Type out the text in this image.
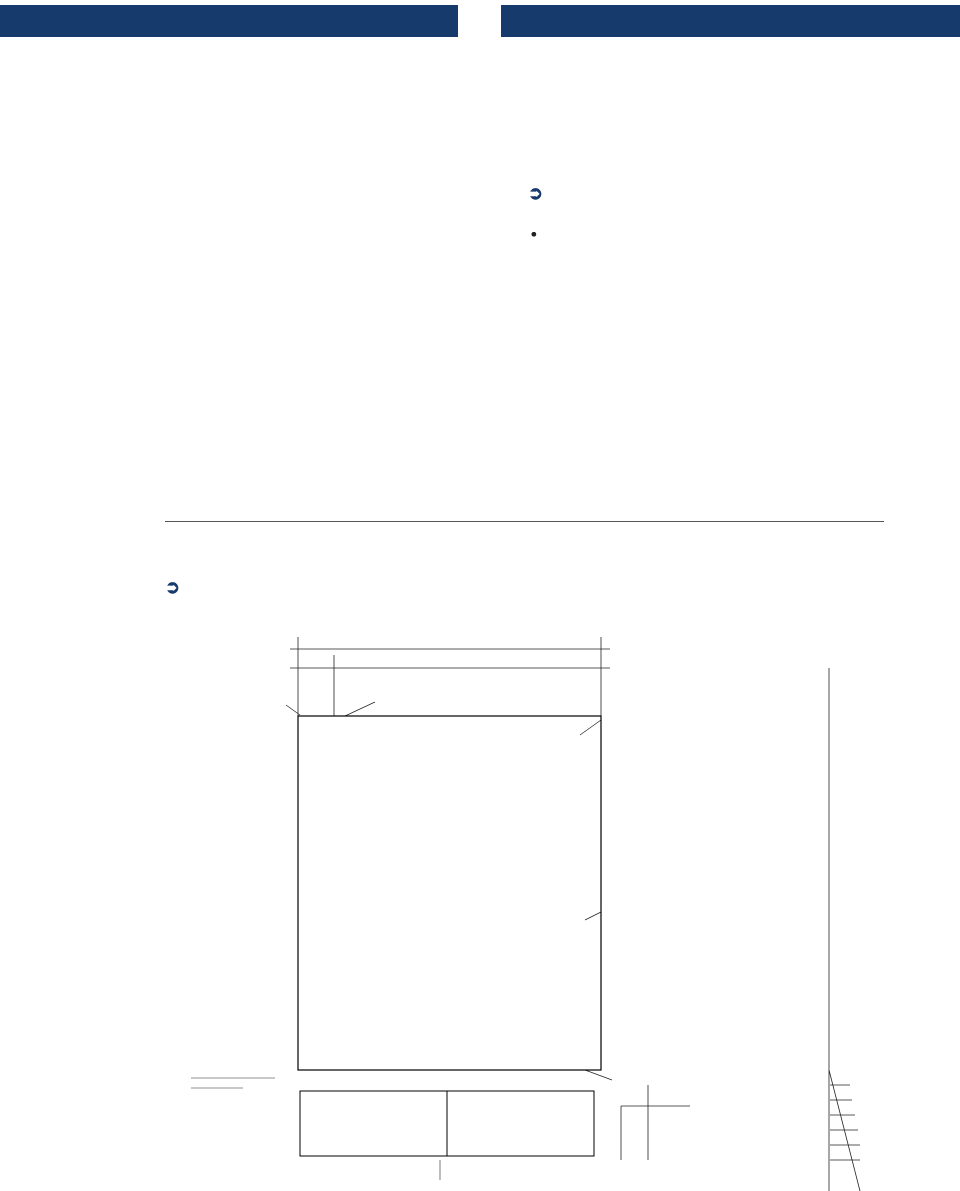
➲
➲
